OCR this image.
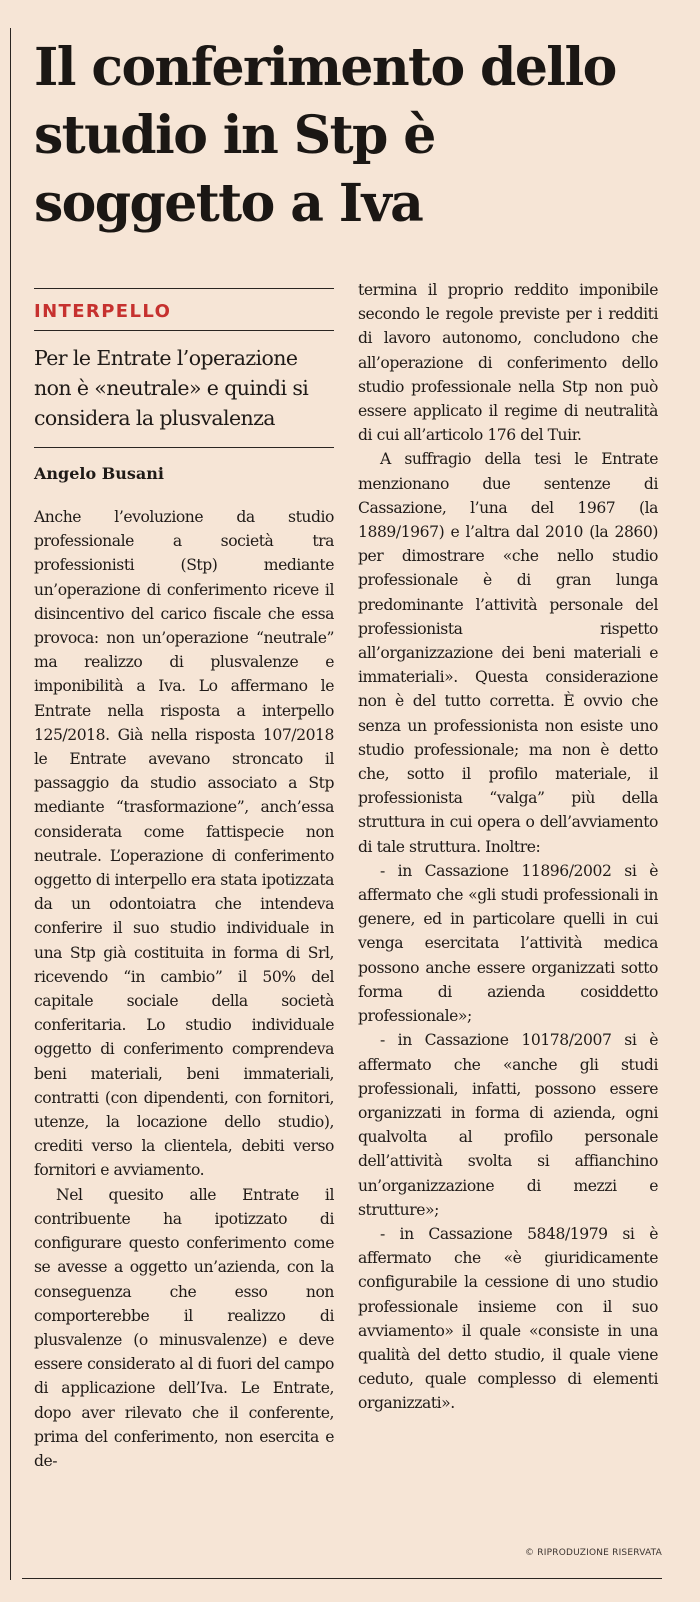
Il conferimento dello studio in Stp è soggetto a Iva
INTERPELLO
Per le Entrate l’operazione non è «neutrale» e quindi si considera la plusvalenza
Angelo Busani

Anche l’evoluzione da studio professionale a società tra professionisti (Stp) mediante un’operazione di conferimento riceve il disincentivo del carico fiscale che essa provoca: non un’operazione “neutrale” ma realizzo di plusvalenze e imponibilità a Iva. Lo affermano le Entrate nella risposta a interpello 125/2018. Già nella risposta 107/2018 le Entrate avevano stroncato il passaggio da studio associato a Stp mediante “trasformazione”, anch’essa considerata come fattispecie non neutrale. L’operazione di conferimento oggetto di interpello era stata ipotizzata da un odontoiatra che intendeva conferire il suo studio individuale in una Stp già costituita in forma di Srl, ricevendo “in cambio” il 50% del capitale sociale della società conferitaria. Lo studio individuale oggetto di conferimento comprendeva beni materiali, beni immateriali, contratti (con dipendenti, con fornitori, utenze, la locazione dello studio), crediti verso la clientela, debiti verso fornitori e avviamento.

Nel quesito alle Entrate il contribuente ha ipotizzato di configurare questo conferimento come se avesse a oggetto un’azienda, con la conseguenza che esso non comporterebbe il realizzo di plusvalenze (o minusvalenze) e deve essere considerato al di fuori del campo di applicazione dell’Iva. Le Entrate, dopo aver rilevato che il conferente, prima del conferimento, non esercita e de-

termina il proprio reddito imponibile secondo le regole previste per i redditi di lavoro autonomo, concludono che all’operazione di conferimento dello studio professionale nella Stp non può essere applicato il regime di neutralità di cui all’articolo 176 del Tuir.

A suffragio della tesi le Entrate menzionano due sentenze di Cassazione, l’una del 1967 (la 1889/1967) e l’altra dal 2010 (la 2860) per dimostrare «che nello studio professionale è di gran lunga predominante l’attività personale del professionista rispetto all’organizzazione dei beni materiali e immateriali». Questa considerazione non è del tutto corretta. È ovvio che senza un professionista non esiste uno studio professionale; ma non è detto che, sotto il profilo materiale, il professionista “valga” più della struttura in cui opera o dell’avviamento di tale struttura. Inoltre:

- in Cassazione 11896/2002 si è affermato che «gli studi professionali in genere, ed in particolare quelli in cui venga esercitata l’attività medica possono anche essere organizzati sotto forma di azienda cosiddetto professionale»;

- in Cassazione 10178/2007 si è affermato che «anche gli studi professionali, infatti, possono essere organizzati in forma di azienda, ogni qualvolta al profilo personale dell’attività svolta si affianchino un’organizzazione di mezzi e strutture»;

- in Cassazione 5848/1979 si è affermato che «è giuridicamente configurabile la cessione di uno studio professionale insieme con il suo avviamento» il quale «consiste in una qualità del detto studio, il quale viene ceduto, quale complesso di elementi organizzati».

© RIPRODUZIONE RISERVATA
